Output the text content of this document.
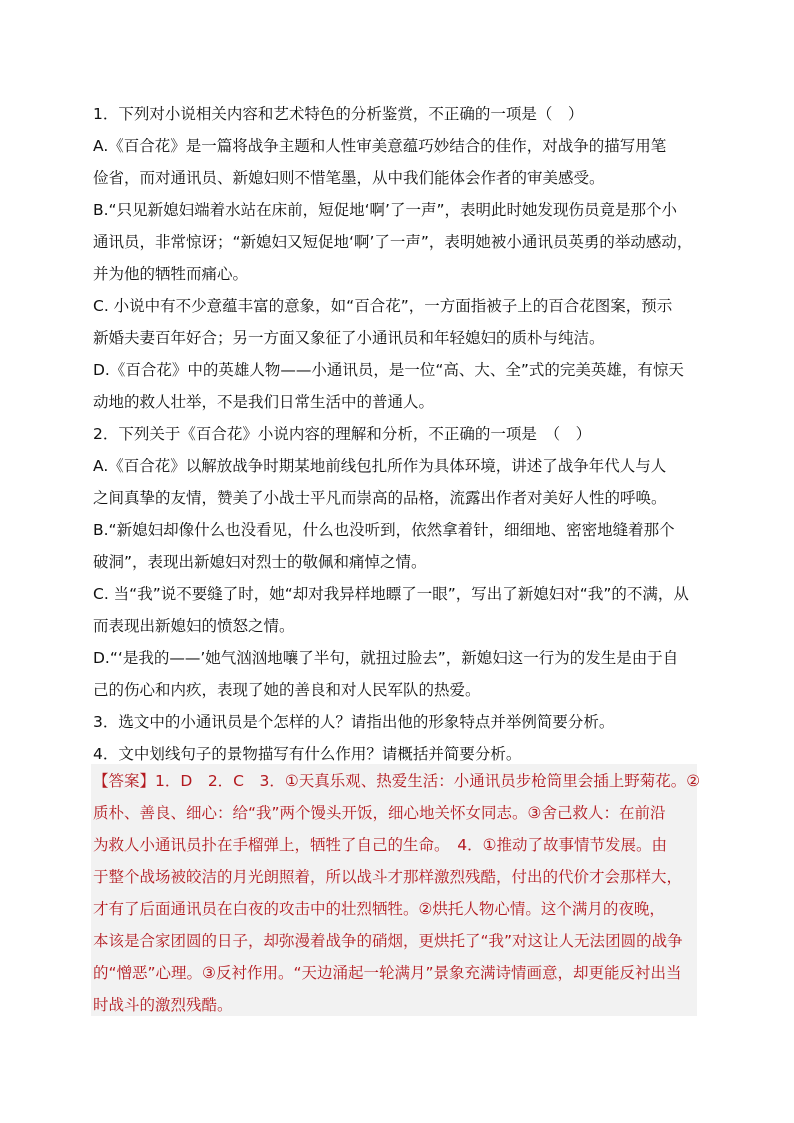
1．下列对小说相关内容和艺术特色的分析鉴赏，不正确的一项是（　）
A.《百合花》是一篇将战争主题和人性审美意蕴巧妙结合的佳作，对战争的描写用笔
俭省，而对通讯员、新媳妇则不惜笔墨，从中我们能体会作者的审美感受。
B.“只见新媳妇端着水站在床前，短促地‘啊’了一声”，表明此时她发现伤员竟是那个小
通讯员，非常惊讶；“新媳妇又短促地‘啊’了一声”，表明她被小通讯员英勇的举动感动，
并为他的牺牲而痛心。
C. 小说中有不少意蕴丰富的意象，如“百合花”，一方面指被子上的百合花图案，预示
新婚夫妻百年好合；另一方面又象征了小通讯员和年轻媳妇的质朴与纯洁。
D.《百合花》中的英雄人物——小通讯员，是一位“高、大、全”式的完美英雄，有惊天
动地的救人壮举，不是我们日常生活中的普通人。
2．下列关于《百合花》小说内容的理解和分析，不正确的一项是　（　）
A.《百合花》以解放战争时期某地前线包扎所作为具体环境，讲述了战争年代人与人
之间真挚的友情，赞美了小战士平凡而崇高的品格，流露出作者对美好人性的呼唤。
B.“新媳妇却像什么也没看见，什么也没听到，依然拿着针，细细地、密密地缝着那个
破洞”，表现出新媳妇对烈士的敬佩和痛悼之情。
C. 当“我”说不要缝了时，她“却对我异样地瞟了一眼”，写出了新媳妇对“我”的不满，从
而表现出新媳妇的愤怒之情。
D.“‘是我的——’她气汹汹地嚷了半句，就扭过脸去”，新媳妇这一行为的发生是由于自
己的伤心和内疚，表现了她的善良和对人民军队的热爱。
3．选文中的小通讯员是个怎样的人？请指出他的形象特点并举例简要分析。
4．文中划线句子的景物描写有什么作用？请概括并简要分析。
【答案】1．D　2．C　3．①天真乐观、热爱生活：小通讯员步枪筒里会插上野菊花。②
质朴、善良、细心：给“我”两个馒头开饭，细心地关怀女同志。③舍己救人：在前沿
为救人小通讯员扑在手榴弹上，牺牲了自己的生命。　4．①推动了故事情节发展。由
于整个战场被皎洁的月光朗照着，所以战斗才那样激烈残酷，付出的代价才会那样大，
才有了后面通讯员在白夜的攻击中的壮烈牺牲。②烘托人物心情。这个满月的夜晚，
本该是合家团圆的日子，却弥漫着战争的硝烟，更烘托了“我”对这让人无法团圆的战争
的“憎恶”心理。③反衬作用。“天边涌起一轮满月”景象充满诗情画意，却更能反衬出当
时战斗的激烈残酷。
